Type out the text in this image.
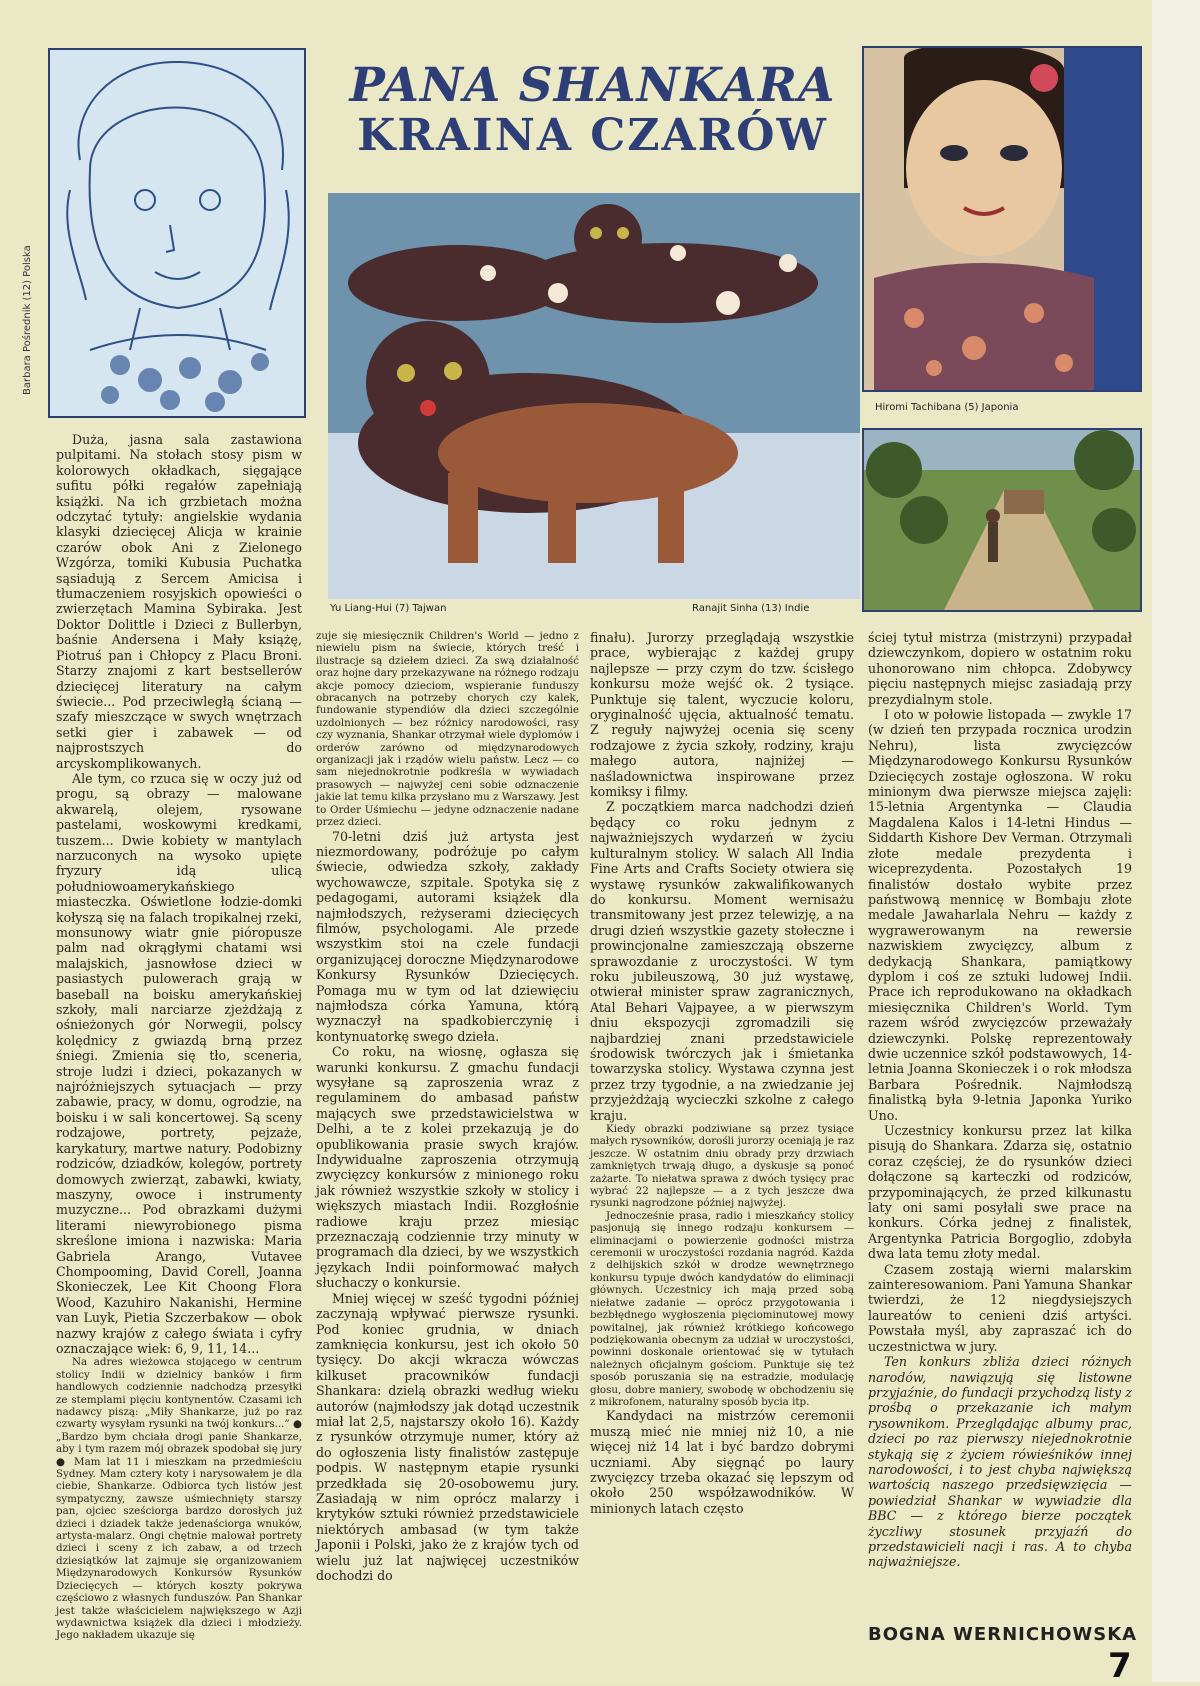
Barbara Pośrednik (12) Polska
PANA SHANKARA
KRAINA CZARÓW
Yu Liang-Hui (7) Tajwan	Ranajit Sinha (13) Indie
Hiromi Tachibana (5) Japonia

Duża, jasna sala zastawiona pulpitami. Na stołach stosy pism w kolorowych okładkach, sięgające sufitu półki regałów zapełniają książki. Na ich grzbietach można odczytać tytuły: angielskie wydania klasyki dziecięcej Alicja w krainie czarów obok Ani z Zielonego Wzgórza, tomiki Kubusia Puchatka sąsiadują z Sercem Amicisa i tłumaczeniem rosyjskich opowieści o zwierzętach Mamina Sybiraka. Jest Doktor Dolittle i Dzieci z Bullerbyn, baśnie Andersena i Mały książę, Piotruś pan i Chłopcy z Placu Broni. Starzy znajomi z kart bestsellerów dziecięcej literatury na całym świecie... Pod przeciwległą ścianą — szafy mieszczące w swych wnętrzach setki gier i zabawek — od najprostszych do arcyskomplikowanych.

Ale tym, co rzuca się w oczy już od progu, są obrazy — malowane akwarelą, olejem, rysowane pastelami, woskowymi kredkami, tuszem... Dwie kobiety w mantylach narzuconych na wysoko upięte fryzury idą ulicą południowoamerykańskiego miasteczka. Oświetlone łodzie-domki kołyszą się na falach tropikalnej rzeki, monsunowy wiatr gnie pióropusze palm nad okrągłymi chatami wsi malajskich, jasnowłose dzieci w pasiastych pulowerach grają w baseball na boisku amerykańskiej szkoły, mali narciarze zjeżdżają z ośnieżonych gór Norwegii, polscy kolędnicy z gwiazdą brną przez śniegi. Zmienia się tło, sceneria, stroje ludzi i dzieci, pokazanych w najróżniejszych sytuacjach — przy zabawie, pracy, w domu, ogrodzie, na boisku i w sali koncertowej. Są sceny rodzajowe, portrety, pejzaże, karykatury, martwe natury. Podobizny rodziców, dziadków, kolegów, portrety domowych zwierząt, zabawki, kwiaty, maszyny, owoce i instrumenty muzyczne... Pod obrazkami dużymi literami niewyrobionego pisma skreślone imiona i nazwiska: Maria Gabriela Arango, Vutavee Chompooming, David Corell, Joanna Skonieczek, Lee Kit Choong Flora Wood, Kazuhiro Nakanishi, Hermine van Luyk, Pietia Szczerbakow — obok nazwy krajów z całego świata i cyfry oznaczające wiek: 6, 9, 11, 14...

Na adres wieżowca stojącego w centrum stolicy Indii w dzielnicy banków i firm handlowych codziennie nadchodzą przesyłki ze stemplami pięciu kontynentów. Czasami ich nadawcy piszą: „Miły Shankarze, już po raz czwarty wysyłam rysunki na twój konkurs...” ● „Bardzo bym chciała drogi panie Shankarze, aby i tym razem mój obrazek spodobał się jury ● Mam lat 11 i mieszkam na przedmieściu Sydney. Mam cztery koty i narysowałem je dla ciebie, Shankarze. Odbiorca tych listów jest sympatyczny, zawsze uśmiechnięty starszy pan, ojciec sześciorga bardzo dorosłych już dzieci i dziadek także jedenaściorga wnuków, artysta-malarz. Ongi chętnie malował portrety dzieci i sceny z ich zabaw, a od trzech dziesiątków lat zajmuje się organizowaniem Międzynarodowych Konkursów Rysunków Dziecięcych — których koszty pokrywa częściowo z własnych funduszów. Pan Shankar jest także właścicielem największego w Azji wydawnictwa książek dla dzieci i młodzieży. Jego nakładem ukazuje się

zuje się miesięcznik Children's World — jedno z niewielu pism na świecie, których treść i ilustracje są dziełem dzieci. Za swą działalność oraz hojne dary przekazywane na różnego rodzaju akcje pomocy dzieciom, wspieranie funduszy obracanych na potrzeby chorych czy kalek, fundowanie stypendiów dla dzieci szczególnie uzdolnionych — bez różnicy narodowości, rasy czy wyznania, Shankar otrzymał wiele dyplomów i orderów zarówno od międzynarodowych organizacji jak i rządów wielu państw. Lecz — co sam niejednokrotnie podkreśla w wywiadach prasowych — najwyżej ceni sobie odznaczenie jakie lat temu kilka przysłano mu z Warszawy. Jest to Order Uśmiechu — jedyne odznaczenie nadane przez dzieci.

70-letni dziś już artysta jest niezmordowany, podróżuje po całym świecie, odwiedza szkoły, zakłady wychowawcze, szpitale. Spotyka się z pedagogami, autorami książek dla najmłodszych, reżyserami dziecięcych filmów, psychologami. Ale przede wszystkim stoi na czele fundacji organizującej doroczne Międzynarodowe Konkursy Rysunków Dziecięcych. Pomaga mu w tym od lat dziewięciu najmłodsza córka Yamuna, którą wyznaczył na spadkobierczynię i kontynuatorkę swego dzieła.

Co roku, na wiosnę, ogłasza się warunki konkursu. Z gmachu fundacji wysyłane są zaproszenia wraz z regulaminem do ambasad państw mających swe przedstawicielstwa w Delhi, a te z kolei przekazują je do opublikowania prasie swych krajów. Indywidualne zaproszenia otrzymują zwycięzcy konkursów z minionego roku jak również wszystkie szkoły w stolicy i większych miastach Indii. Rozgłośnie radiowe kraju przez miesiąc przeznaczają codziennie trzy minuty w programach dla dzieci, by we wszystkich językach Indii poinformować małych słuchaczy o konkursie.

Mniej więcej w sześć tygodni później zaczynają wpływać pierwsze rysunki. Pod koniec grudnia, w dniach zamknięcia konkursu, jest ich około 50 tysięcy. Do akcji wkracza wówczas kilkuset pracowników fundacji Shankara: dzielą obrazki według wieku autorów (najmłodszy jak dotąd uczestnik miał lat 2,5, najstarszy około 16). Każdy z rysunków otrzymuje numer, który aż do ogłoszenia listy finalistów zastępuje podpis. W następnym etapie rysunki przedkłada się 20-osobowemu jury. Zasiadają w nim oprócz malarzy i krytyków sztuki również przedstawiciele niektórych ambasad (w tym także Japonii i Polski, jako że z krajów tych od wielu już lat najwięcej uczestników dochodzi do

finału). Jurorzy przeglądają wszystkie prace, wybierając z każdej grupy najlepsze — przy czym do tzw. ścisłego konkursu może wejść ok. 2 tysiące. Punktuje się talent, wyczucie koloru, oryginalność ujęcia, aktualność tematu. Z reguły najwyżej ocenia się sceny rodzajowe z życia szkoły, rodziny, kraju małego autora, najniżej — naśladownictwa inspirowane przez komiksy i filmy.

Z początkiem marca nadchodzi dzień będący co roku jednym z najważniejszych wydarzeń w życiu kulturalnym stolicy. W salach All India Fine Arts and Crafts Society otwiera się wystawę rysunków zakwalifikowanych do konkursu. Moment wernisażu transmitowany jest przez telewizję, a na drugi dzień wszystkie gazety stołeczne i prowincjonalne zamieszczają obszerne sprawozdanie z uroczystości. W tym roku jubileuszową, 30 już wystawę, otwierał minister spraw zagranicznych, Atal Behari Vajpayee, a w pierwszym dniu ekspozycji zgromadzili się najbardziej znani przedstawiciele środowisk twórczych jak i śmietanka towarzyska stolicy. Wystawa czynna jest przez trzy tygodnie, a na zwiedzanie jej przyjeżdżają wycieczki szkolne z całego kraju.

Kiedy obrazki podziwiane są przez tysiące małych rysowników, dorośli jurorzy oceniają je raz jeszcze. W ostatnim dniu obrady przy drzwiach zamkniętych trwają długo, a dyskusje są ponoć zażarte. To niełatwa sprawa z dwóch tysięcy prac wybrać 22 najlepsze — a z tych jeszcze dwa rysunki nagrodzone później najwyżej.

Jednocześnie prasa, radio i mieszkańcy stolicy pasjonują się innego rodzaju konkursem — eliminacjami o powierzenie godności mistrza ceremonii w uroczystości rozdania nagród. Każda z delhijskich szkół w drodze wewnętrznego konkursu typuje dwóch kandydatów do eliminacji głównych. Uczestnicy ich mają przed sobą niełatwe zadanie — oprócz przygotowania i bezbłędnego wygłoszenia pięciominutowej mowy powitalnej, jak również krótkiego końcowego podziękowania obecnym za udział w uroczystości, powinni doskonale orientować się w tytułach należnych oficjalnym gościom. Punktuje się też sposób poruszania się na estradzie, modulację głosu, dobre maniery, swobodę w obchodzeniu się z mikrofonem, naturalny sposób bycia itp.

Kandydaci na mistrzów ceremonii muszą mieć nie mniej niż 10, a nie więcej niż 14 lat i być bardzo dobrymi uczniami. Aby sięgnąć po laury zwycięzcy trzeba okazać się lepszym od około 250 współzawodników. W minionych latach często

ściej tytuł mistrza (mistrzyni) przypadał dziewczynkom, dopiero w ostatnim roku uhonorowano nim chłopca. Zdobywcy pięciu następnych miejsc zasiadają przy prezydialnym stole.

I oto w połowie listopada — zwykle 17 (w dzień ten przypada rocznica urodzin Nehru), lista zwycięzców Międzynarodowego Konkursu Rysunków Dziecięcych zostaje ogłoszona. W roku minionym dwa pierwsze miejsca zajęli: 15-letnia Argentynka — Claudia Magdalena Kalos i 14-letni Hindus — Siddarth Kishore Dev Verman. Otrzymali złote medale prezydenta i wiceprezydenta. Pozostałych 19 finalistów dostało wybite przez państwową mennicę w Bombaju złote medale Jawaharlala Nehru — każdy z wygrawerowanym na rewersie nazwiskiem zwycięzcy, album z dedykacją Shankara, pamiątkowy dyplom i coś ze sztuki ludowej Indii. Prace ich reprodukowano na okładkach miesięcznika Children's World. Tym razem wśród zwycięzców przeważały dziewczynki. Polskę reprezentowały dwie uczennice szkół podstawowych, 14-letnia Joanna Skonieczek i o rok młodsza Barbara Pośrednik. Najmłodszą finalistką była 9-letnia Japonka Yuriko Uno.

Uczestnicy konkursu przez lat kilka pisują do Shankara. Zdarza się, ostatnio coraz częściej, że do rysunków dzieci dołączone są karteczki od rodziców, przypominających, że przed kilkunastu laty oni sami posyłali swe prace na konkurs. Córka jednej z finalistek, Argentynka Patricia Borgoglio, zdobyła dwa lata temu złoty medal.

Czasem zostają wierni malarskim zainteresowaniom. Pani Yamuna Shankar twierdzi, że 12 niegdysiejszych laureatów to cenieni dziś artyści. Powstała myśl, aby zapraszać ich do uczestnictwa w jury.

Ten konkurs zbliża dzieci różnych narodów, nawiązują się listowne przyjaźnie, do fundacji przychodzą listy z prośbą o przekazanie ich małym rysownikom. Przeglądając albumy prac, dzieci po raz pierwszy niejednokrotnie stykają się z życiem rówieśników innej narodowości, i to jest chyba największą wartością naszego przedsięwzięcia — powiedział Shankar w wywiadzie dla BBC — z którego bierze początek życzliwy stosunek przyjaźń do przedstawicieli nacji i ras. A to chyba najważniejsze.

BOGNA WERNICHOWSKA
7
